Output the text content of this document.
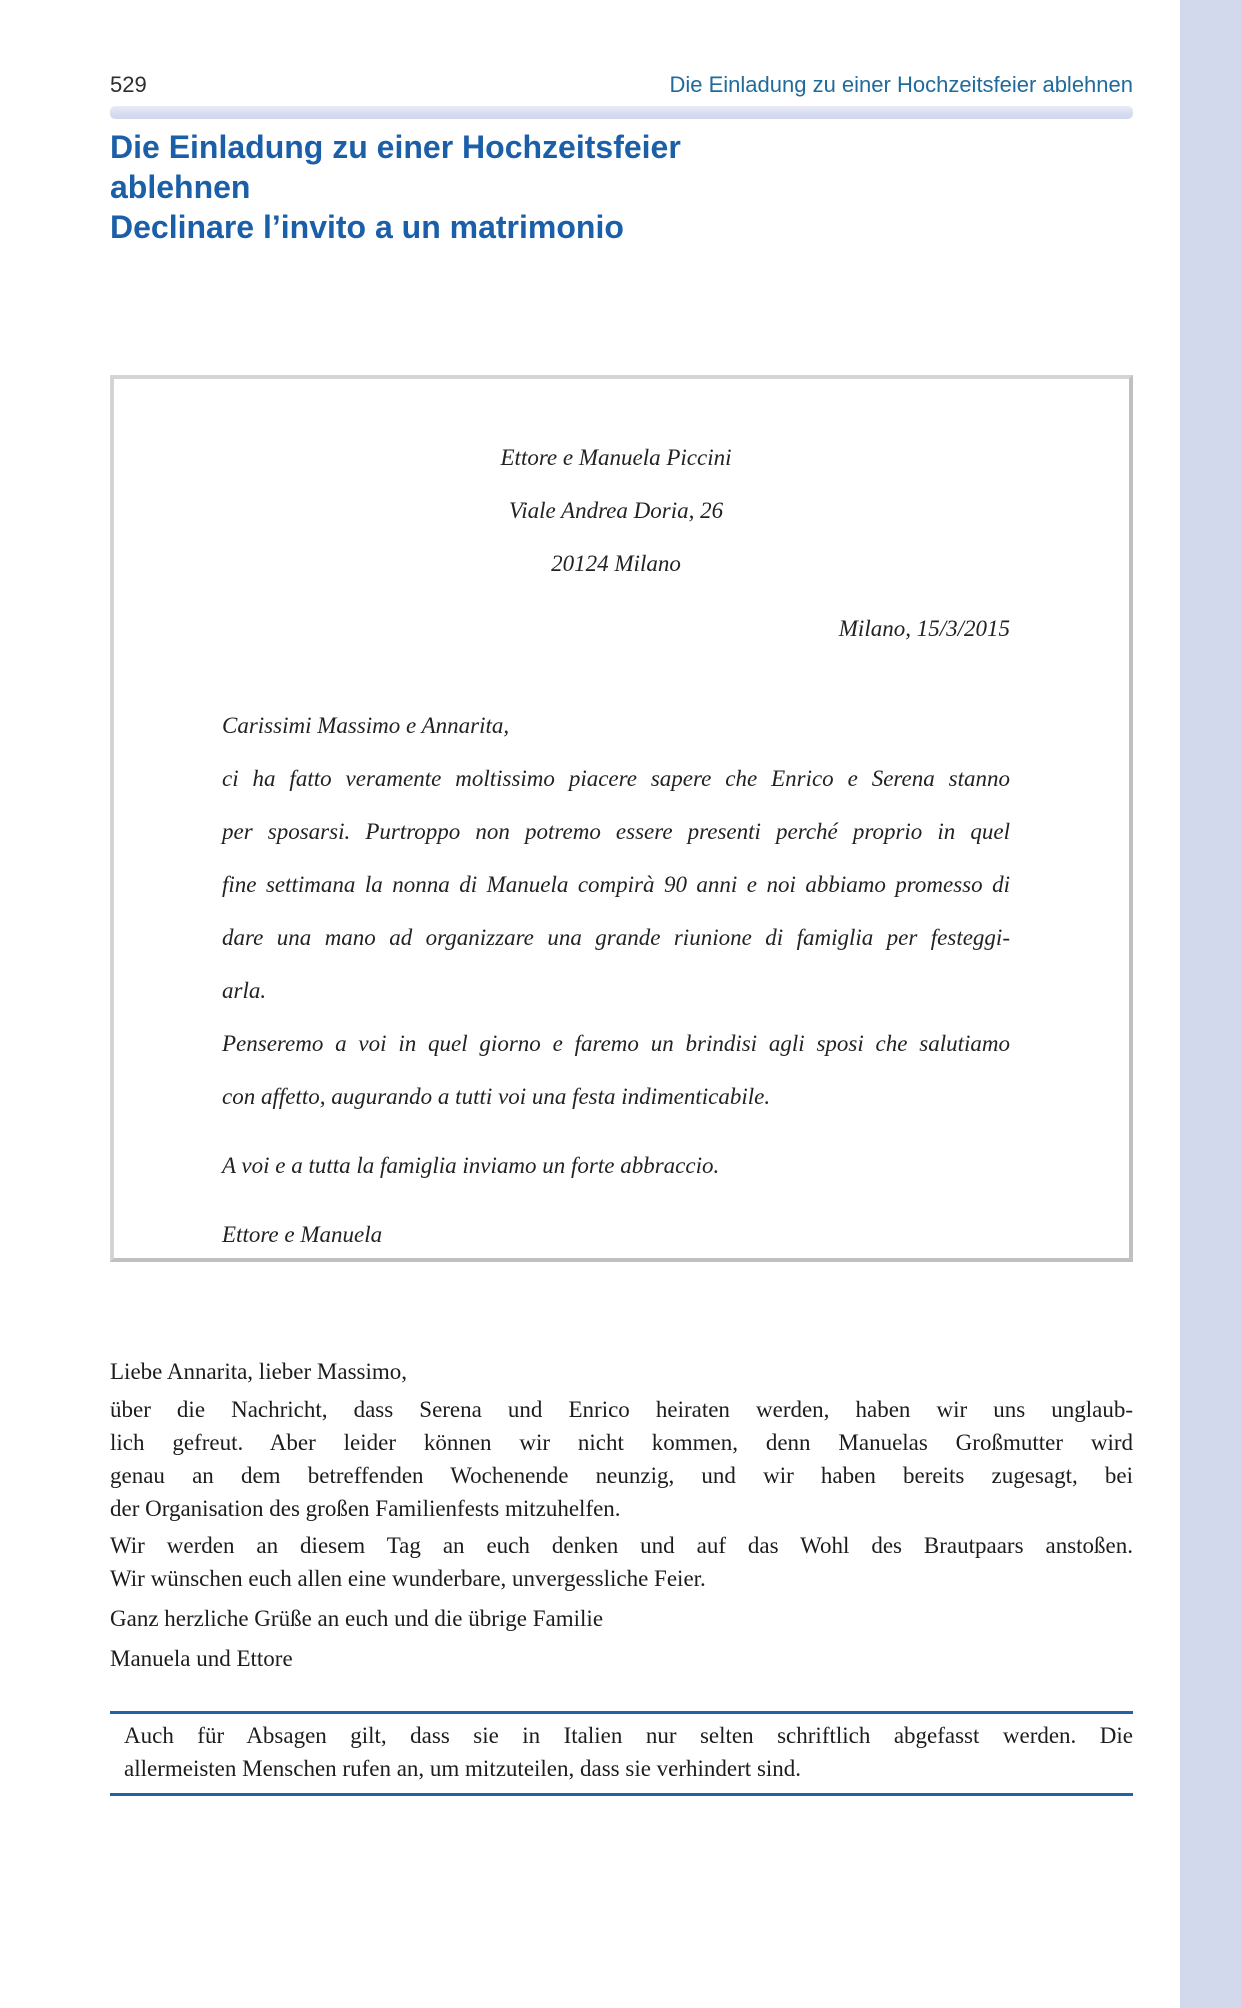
529	Die Einladung zu einer Hochzeitsfeier ablehnen
Die Einladung zu einer Hochzeitsfeier
ablehnen
Declinare l’invito a un matrimonio
Ettore e Manuela Piccini
Viale Andrea Doria, 26
20124 Milano
Milano, 15/3/2015
Carissimi Massimo e Annarita,
ci ha fatto veramente moltissimo piacere sapere che Enrico e Serena stanno
per sposarsi. Purtroppo non potremo essere presenti perché proprio in quel
fine settimana la nonna di Manuela compirà 90 anni e noi abbiamo promesso di
dare una mano ad organizzare una grande riunione di famiglia per festeggi-
arla.
Penseremo a voi in quel giorno e faremo un brindisi agli sposi che salutiamo
con affetto, augurando a tutti voi una festa indimenticabile.
A voi e a tutta la famiglia inviamo un forte abbraccio.
Ettore e Manuela
Liebe Annarita, lieber Massimo,
über die Nachricht, dass Serena und Enrico heiraten werden, haben wir uns unglaub-
lich gefreut. Aber leider können wir nicht kommen, denn Manuelas Großmutter wird
genau an dem betreffenden Wochenende neunzig, und wir haben bereits zugesagt, bei
der Organisation des großen Familienfests mitzuhelfen.
Wir werden an diesem Tag an euch denken und auf das Wohl des Brautpaars anstoßen.
Wir wünschen euch allen eine wunderbare, unvergessliche Feier.
Ganz herzliche Grüße an euch und die übrige Familie
Manuela und Ettore
Auch für Absagen gilt, dass sie in Italien nur selten schriftlich abgefasst werden. Die
allermeisten Menschen rufen an, um mitzuteilen, dass sie verhindert sind.
